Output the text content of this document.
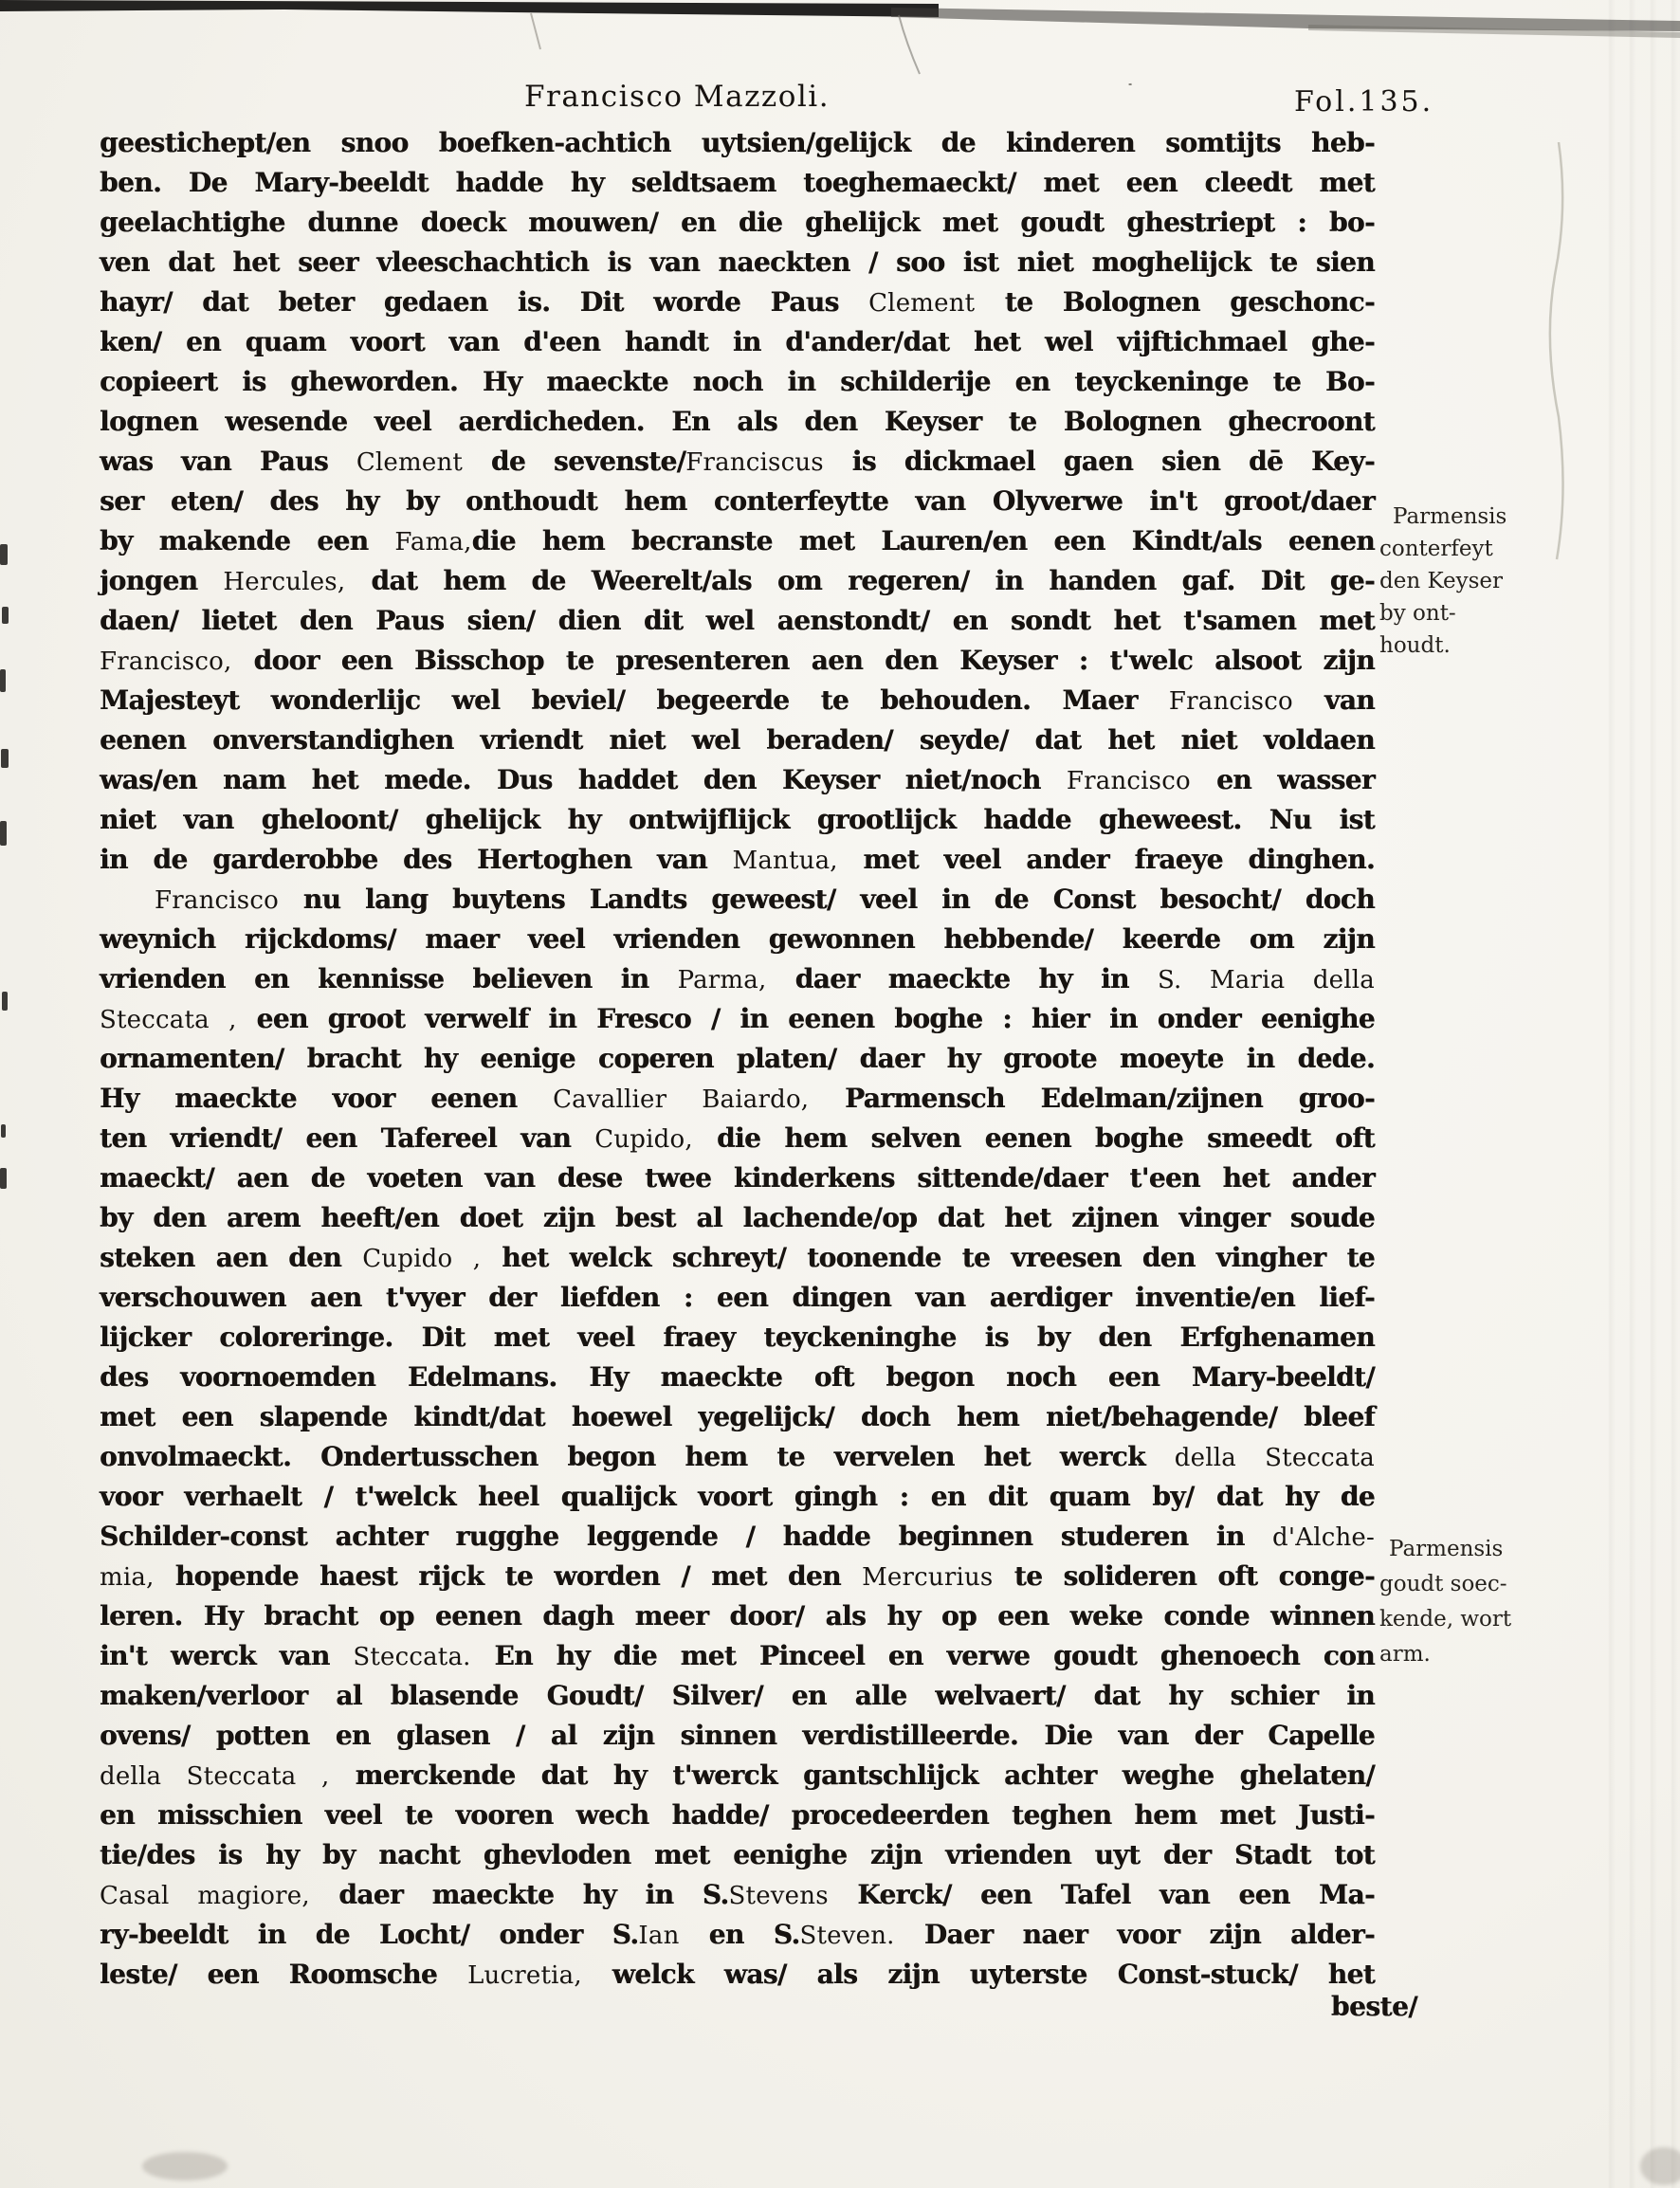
Francisco Mazzoli.	Fol.135.
geestichept/en snoo boefken-achtich uytsien/gelijck de kinderen somtijts heb-
ben. De Mary-beeldt hadde hy seldtsaem toeghemaeckt/ met een cleedt met
geelachtighe dunne doeck mouwen/ en die ghelijck met goudt ghestriept : bo-
ven dat het seer vleeschachtich is van naeckten / soo ist niet moghelijck te sien
hayr/ dat beter gedaen is. Dit worde Paus Clement te Bolognen geschonc-
ken/ en quam voort van d'een handt in d'ander/dat het wel vijftichmael ghe-
copieert is gheworden. Hy maeckte noch in schilderije en teyckeninge te Bo-
lognen wesende veel aerdicheden. En als den Keyser te Bolognen ghecroont
was van Paus Clement de sevenste/Franciscus is dickmael gaen sien dē Key-
ser eten/ des hy by onthoudt hem conterfeytte van Olyverwe in't groot/daer
by makende een Fama,die hem becranste met Lauren/en een Kindt/als eenen
jongen Hercules, dat hem de Weerelt/als om regeren/ in handen gaf. Dit ge-
daen/ lietet den Paus sien/ dien dit wel aenstondt/ en sondt het t'samen met
Francisco, door een Bisschop te presenteren aen den Keyser : t'welc alsoot zijn
Majesteyt wonderlijc wel beviel/ begeerde te behouden. Maer Francisco van
eenen onverstandighen vriendt niet wel beraden/ seyde/ dat het niet voldaen
was/en nam het mede. Dus haddet den Keyser niet/noch Francisco en wasser
niet van gheloont/ ghelijck hy ontwijflijck grootlijck hadde gheweest. Nu ist
in de garderobbe des Hertoghen van Mantua, met veel ander fraeye dinghen.
Francisco nu lang buytens Landts geweest/ veel in de Const besocht/ doch
weynich rijckdoms/ maer veel vrienden gewonnen hebbende/ keerde om zijn
vrienden en kennisse believen in Parma, daer maeckte hy in S. Maria della
Steccata , een groot verwelf in Fresco / in eenen boghe : hier in onder eenighe
ornamenten/ bracht hy eenige coperen platen/ daer hy groote moeyte in dede.
Hy maeckte voor eenen Cavallier Baiardo, Parmensch Edelman/zijnen groo-
ten vriendt/ een Tafereel van Cupido, die hem selven eenen boghe smeedt oft
maeckt/ aen de voeten van dese twee kinderkens sittende/daer t'een het ander
by den arem heeft/en doet zijn best al lachende/op dat het zijnen vinger soude
steken aen den Cupido , het welck schreyt/ toonende te vreesen den vingher te
verschouwen aen t'vyer der liefden : een dingen van aerdiger inventie/en lief-
lijcker coloreringe. Dit met veel fraey teyckeninghe is by den Erfghenamen
des voornoemden Edelmans. Hy maeckte oft begon noch een Mary-beeldt/
met een slapende kindt/dat hoewel yegelijck/ doch hem niet/behagende/ bleef
onvolmaeckt. Ondertusschen begon hem te vervelen het werck della Steccata
voor verhaelt / t'welck heel qualijck voort gingh : en dit quam by/ dat hy de
Schilder-const achter rugghe leggende / hadde beginnen studeren in d'Alche-
mia, hopende haest rijck te worden / met den Mercurius te solideren oft conge-
leren. Hy bracht op eenen dagh meer door/ als hy op een weke conde winnen
in't werck van Steccata. En hy die met Pinceel en verwe goudt ghenoech con
maken/verloor al blasende Goudt/ Silver/ en alle welvaert/ dat hy schier in
ovens/ potten en glasen / al zijn sinnen verdistilleerde. Die van der Capelle
della Steccata , merckende dat hy t'werck gantschlijck achter weghe ghelaten/
en misschien veel te vooren wech hadde/ procedeerden teghen hem met Justi-
tie/des is hy by nacht ghevloden met eenighe zijn vrienden uyt der Stadt tot
Casal magiore, daer maeckte hy in S.Stevens Kerck/ een Tafel van een Ma-
ry-beeldt in de Locht/ onder S.Ian en S.Steven. Daer naer voor zijn alder-
leste/ een Roomsche Lucretia, welck was/ als zijn uyterste Const-stuck/ het
beste/
Parmensis
conterfeyt
den Keyser
by ont-
houdt.
Parmensis
goudt soec-
kende, wort
arm.
